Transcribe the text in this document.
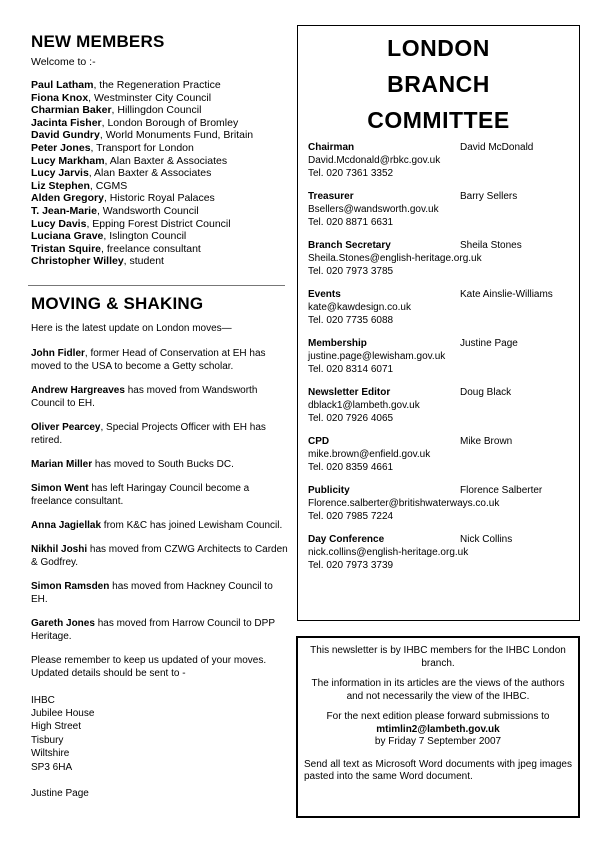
NEW MEMBERS
Welcome to :-
Paul Latham, the Regeneration Practice
Fiona Knox, Westminster City Council
Charmian Baker, Hillingdon Council
Jacinta Fisher, London Borough of Bromley
David Gundry, World Monuments Fund, Britain
Peter Jones, Transport for London
Lucy Markham, Alan Baxter & Associates
Lucy Jarvis, Alan Baxter & Associates
Liz Stephen, CGMS
Alden Gregory, Historic Royal Palaces
T. Jean-Marie, Wandsworth Council
Lucy Davis, Epping Forest District Council
Luciana Grave, Islington Council
Tristan Squire, freelance consultant
Christopher Willey, student
MOVING & SHAKING
Here is the latest update on London moves—
John Fidler, former Head of Conservation at EH has moved to the USA to become a Getty scholar.
Andrew Hargreaves has moved from Wandsworth Council to EH.
Oliver Pearcey, Special Projects Officer with EH has retired.
Marian Miller has moved to South Bucks DC.
Simon Went has left Haringay Council become a freelance consultant.
Anna Jagiellak from K&C has joined Lewisham Council.
Nikhil Joshi has moved from CZWG Architects to Carden & Godfrey.
Simon Ramsden has moved from Hackney Council to EH.
Gareth Jones has moved from Harrow Council to DPP Heritage.
Please remember to keep us updated of your moves. Updated details should be sent to -
IHBC
Jubilee House
High Street
Tisbury
Wiltshire
SP3 6HA
Justine Page
LONDON
BRANCH
COMMITTEE
Chairman	David McDonald
David.Mcdonald@rbkc.gov.uk
Tel. 020 7361 3352
Treasurer	Barry Sellers
Bsellers@wandsworth.gov.uk
Tel. 020 8871 6631
Branch Secretary	Sheila Stones
Sheila.Stones@english-heritage.org.uk
Tel. 020 7973 3785
Events	Kate Ainslie-Williams
kate@kawdesign.co.uk
Tel. 020 7735 6088
Membership	Justine Page
justine.page@lewisham.gov.uk
Tel. 020 8314 6071
Newsletter Editor	Doug Black
dblack1@lambeth.gov.uk
Tel. 020 7926 4065
CPD	Mike Brown
mike.brown@enfield.gov.uk
Tel. 020 8359 4661
Publicity	Florence Salberter
Florence.salberter@britishwaterways.co.uk
Tel. 020 7985 7224
Day Conference	Nick Collins
nick.collins@english-heritage.org.uk
Tel. 020 7973 3739

This newsletter is by IHBC members for the IHBC London branch.

The information in its articles are the views of the authors and not necessarily the view of the IHBC.

For the next edition please forward submissions to
mtimlin2@lambeth.gov.uk
by Friday 7 September 2007

Send all text as Microsoft Word documents with jpeg images pasted into the same Word document.
